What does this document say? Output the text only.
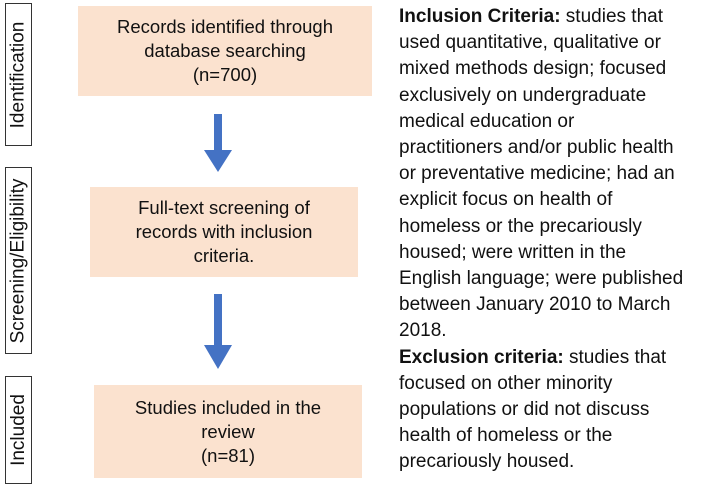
Identification
Screening/Eligibility
Included
Records identified through
database searching
(n=700)
Full-text screening of
records with inclusion
criteria.
Studies included in the
review
(n=81)
Inclusion Criteria: studies that
used quantitative, qualitative or
mixed methods design; focused
exclusively on undergraduate
medical education or
practitioners and/or public health
or preventative medicine; had an
explicit focus on health of
homeless or the precariously
housed; were written in the
English language; were published
between January 2010 to March
2018.
Exclusion criteria: studies that
focused on other minority
populations or did not discuss
health of homeless or the
precariously housed.
